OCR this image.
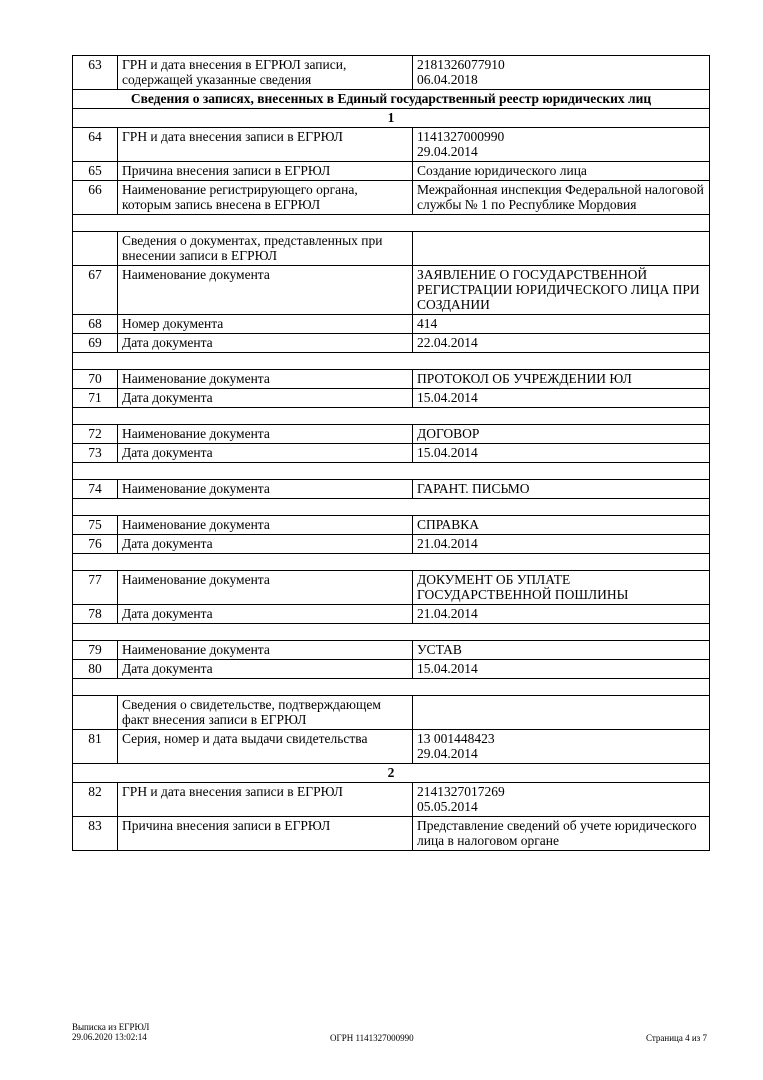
63	ГРН и дата внесения в ЕГРЮЛ записи, содержащей указанные сведения	2181326077910
06.04.2018

Сведения о записях, внесенных в Единый государственный реестр юридических лиц		
1		
64	ГРН и дата внесения записи в ЕГРЮЛ	1141327000990
29.04.2014

65	Причина внесения записи в ЕГРЮЛ	Создание юридического лица

66	Наименование регистрирующего органа, которым запись внесена в ЕГРЮЛ	Межрайонная инспекция Федеральной налоговой службы № 1 по Республике Мордовия

	Сведения о документах, представленных при внесении записи в ЕГРЮЛ	

67	Наименование документа	ЗАЯВЛЕНИЕ О ГОСУДАРСТВЕННОЙ РЕГИСТРАЦИИ ЮРИДИЧЕСКОГО ЛИЦА ПРИ СОЗДАНИИ

68	Номер документа	414

69	Дата документа	22.04.2014

70	Наименование документа	ПРОТОКОЛ ОБ УЧРЕЖДЕНИИ ЮЛ

71	Дата документа	15.04.2014

72	Наименование документа	ДОГОВОР

73	Дата документа	15.04.2014

74	Наименование документа	ГАРАНТ. ПИСЬМО

75	Наименование документа	СПРАВКА

76	Дата документа	21.04.2014

77	Наименование документа	ДОКУМЕНТ ОБ УПЛАТЕ ГОСУДАРСТВЕННОЙ ПОШЛИНЫ

78	Дата документа	21.04.2014

79	Наименование документа	УСТАВ

80	Дата документа	15.04.2014

	Сведения о свидетельстве, подтверждающем факт внесения записи в ЕГРЮЛ	

81	Серия, номер и дата выдачи свидетельства	13 001448423
29.04.2014

2		
82	ГРН и дата внесения записи в ЕГРЮЛ	2141327017269
05.05.2014

83	Причина внесения записи в ЕГРЮЛ	Представление сведений об учете юридического лица в налоговом органе
Выписка из ЕГРЮЛ
29.06.2020 13:02:14	ОГРН 1141327000990	Страница 4 из 7
